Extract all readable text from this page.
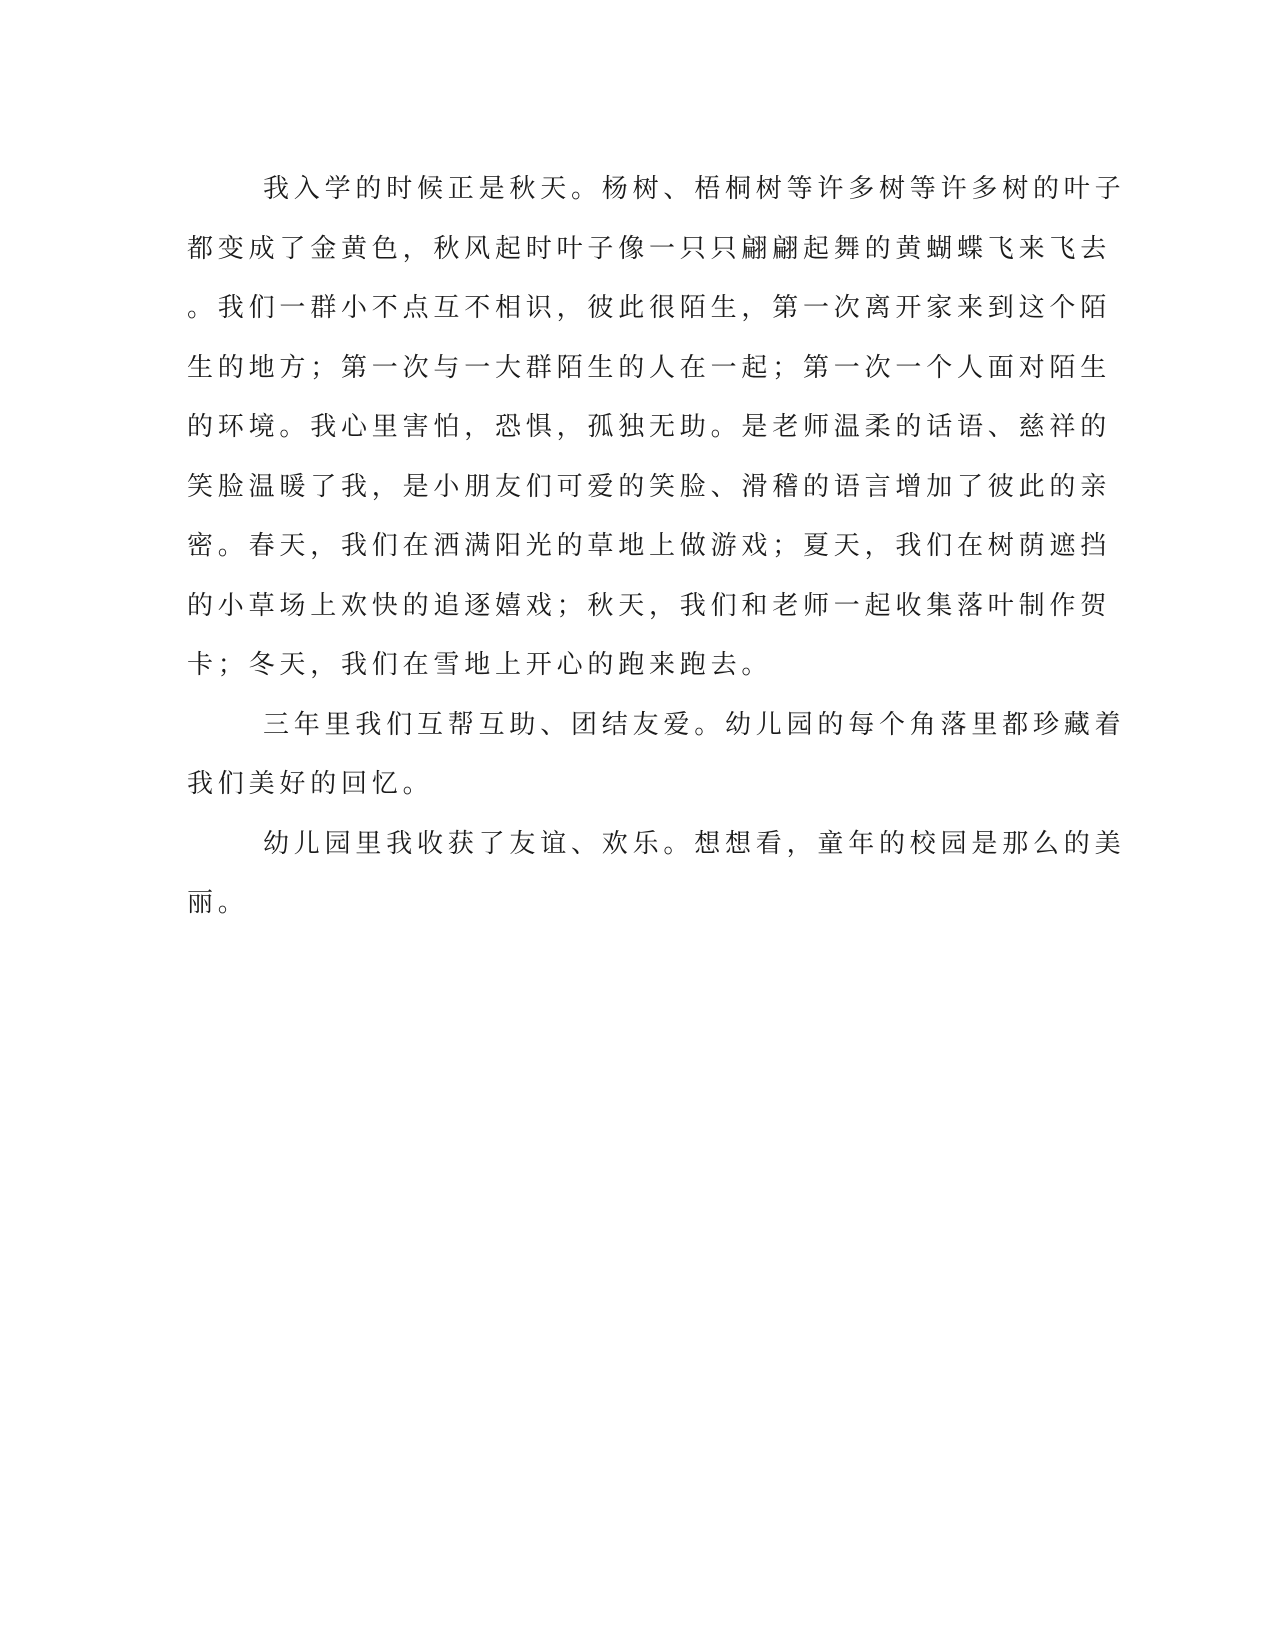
我入学的时候正是秋天。杨树、梧桐树等许多树等许多树的叶子
都变成了金黄色，秋风起时叶子像一只只翩翩起舞的黄蝴蝶飞来飞去
。我们一群小不点互不相识，彼此很陌生，第一次离开家来到这个陌
生的地方；第一次与一大群陌生的人在一起；第一次一个人面对陌生
的环境。我心里害怕，恐惧，孤独无助。是老师温柔的话语、慈祥的
笑脸温暖了我，是小朋友们可爱的笑脸、滑稽的语言增加了彼此的亲
密。春天，我们在洒满阳光的草地上做游戏；夏天，我们在树荫遮挡
的小草场上欢快的追逐嬉戏；秋天，我们和老师一起收集落叶制作贺
卡；冬天，我们在雪地上开心的跑来跑去。
三年里我们互帮互助、团结友爱。幼儿园的每个角落里都珍藏着
我们美好的回忆。
幼儿园里我收获了友谊、欢乐。想想看，童年的校园是那么的美
丽。
